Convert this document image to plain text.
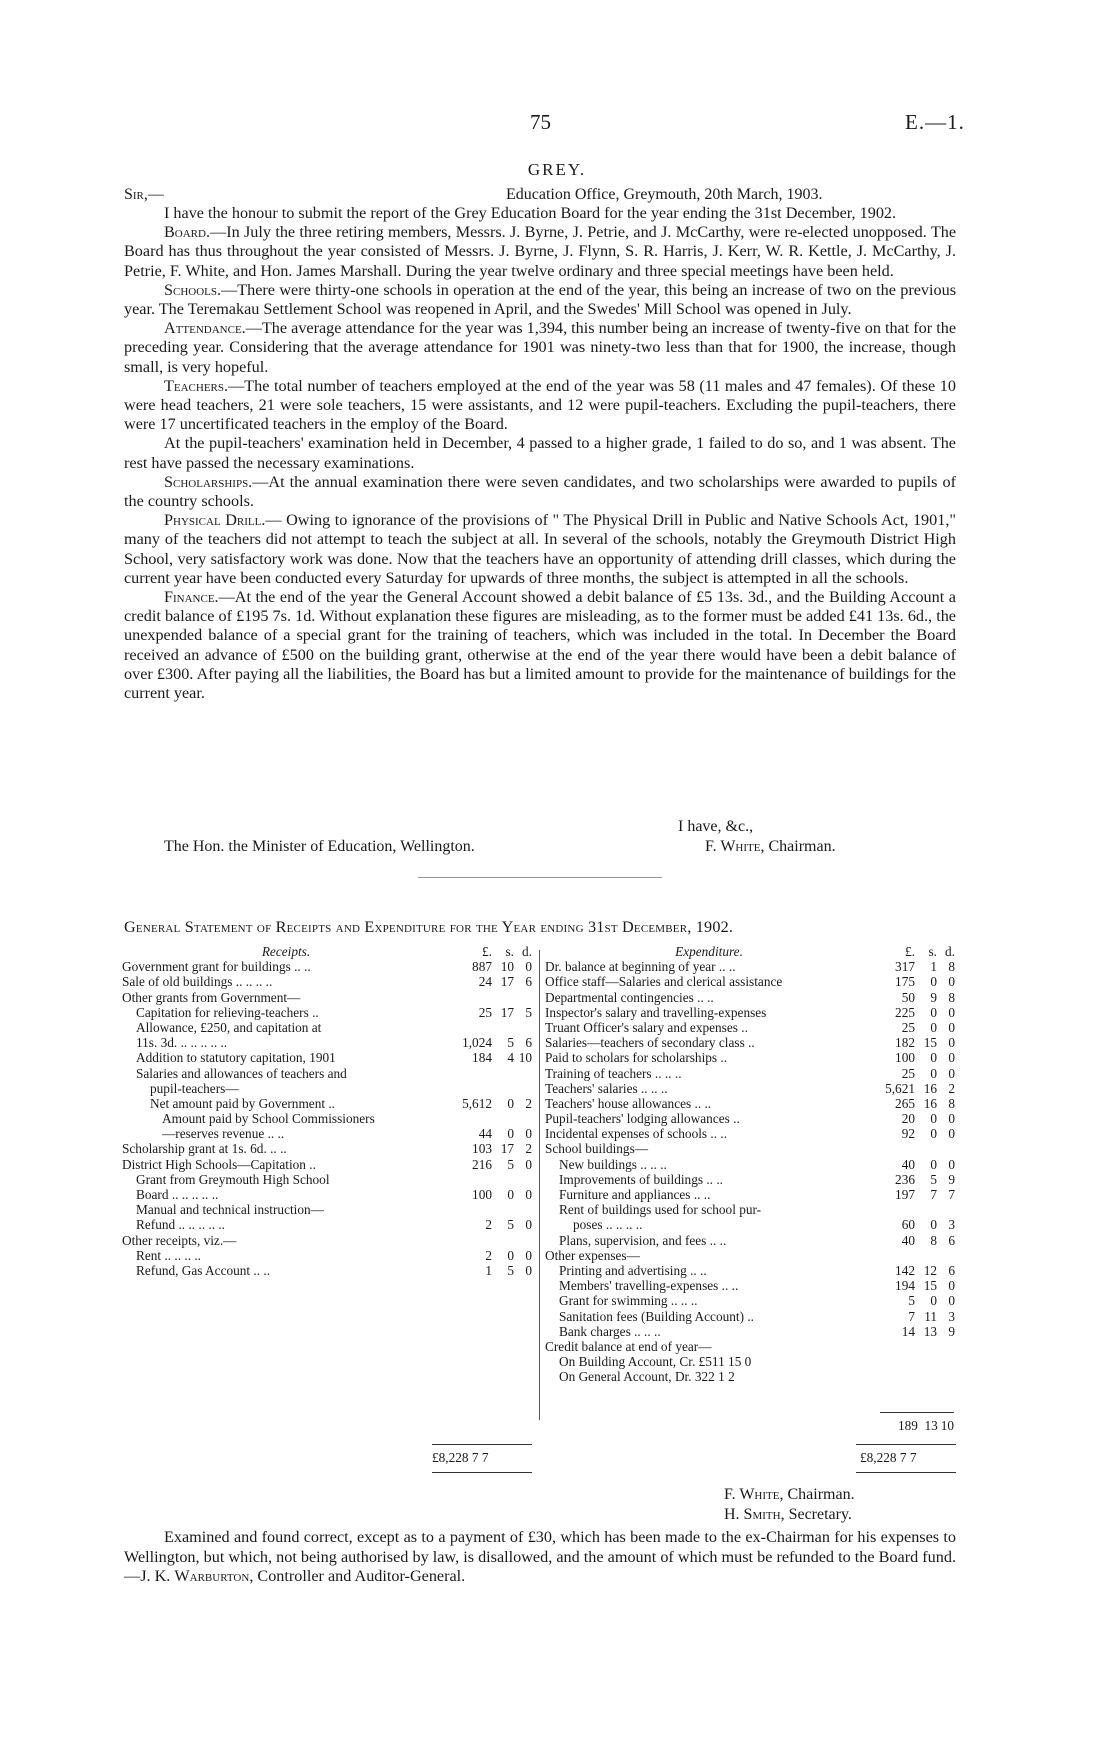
75	E.—1.
GREY.
Sir,—	Education Office, Greymouth, 20th March, 1903.

I have the honour to submit the report of the Grey Education Board for the year ending the 31st December, 1902.

Board.—In July the three retiring members, Messrs. J. Byrne, J. Petrie, and J. McCarthy, were re-elected unopposed. The Board has thus throughout the year consisted of Messrs. J. Byrne, J. Flynn, S. R. Harris, J. Kerr, W. R. Kettle, J. McCarthy, J. Petrie, F. White, and Hon. James Marshall. During the year twelve ordinary and three special meetings have been held.

Schools.—There were thirty-one schools in operation at the end of the year, this being an increase of two on the previous year. The Teremakau Settlement School was reopened in April, and the Swedes' Mill School was opened in July.

Attendance.—The average attendance for the year was 1,394, this number being an increase of twenty-five on that for the preceding year. Considering that the average attendance for 1901 was ninety-two less than that for 1900, the increase, though small, is very hopeful.

Teachers.—The total number of teachers employed at the end of the year was 58 (11 males and 47 females). Of these 10 were head teachers, 21 were sole teachers, 15 were assistants, and 12 were pupil-teachers. Excluding the pupil-teachers, there were 17 uncertificated teachers in the employ of the Board.

At the pupil-teachers' examination held in December, 4 passed to a higher grade, 1 failed to do so, and 1 was absent. The rest have passed the necessary examinations.

Scholarships.—At the annual examination there were seven candidates, and two scholarships were awarded to pupils of the country schools.

Physical Drill.— Owing to ignorance of the provisions of " The Physical Drill in Public and Native Schools Act, 1901," many of the teachers did not attempt to teach the subject at all. In several of the schools, notably the Greymouth District High School, very satisfactory work was done. Now that the teachers have an opportunity of attending drill classes, which during the current year have been conducted every Saturday for upwards of three months, the subject is attempted in all the schools.

Finance.—At the end of the year the General Account showed a debit balance of £5 13s. 3d., and the Building Account a credit balance of £195 7s. 1d. Without explanation these figures are misleading, as to the former must be added £41 13s. 6d., the unexpended balance of a special grant for the training of teachers, which was included in the total. In December the Board received an advance of £500 on the building grant, otherwise at the end of the year there would have been a debit balance of over £300. After paying all the liabilities, the Board has but a limited amount to provide for the maintenance of buildings for the current year.

I have, &c.,
The Hon. the Minister of Education, Wellington.	F. White, Chairman.
General Statement of Receipts and Expenditure for the Year ending 31st December, 1902.
Receipts.	£.	s. d.
Government grant for buildings .. ..	887 10 0
Sale of old buildings .. .. .. ..	24 17 6
Other grants from Government—
Capitation for relieving-teachers ..	25 17 5
Allowance, £250, and capitation at
11s. 3d. .. .. .. .. ..	1,024	5 6
Addition to statutory capitation, 1901	184	4 10
Salaries and allowances of teachers and
pupil-teachers—
Net amount paid by Government ..	5,612	0 2
Amount paid by School Commissioners
—reserves revenue .. ..	44	0 0
Scholarship grant at 1s. 6d. .. ..	103 17 2
District High Schools—Capitation ..	216	5 0
Grant from Greymouth High School
Board .. .. .. .. ..	100	0 0
Manual and technical instruction—
Refund .. .. .. .. ..	2	5 0
Other receipts, viz.—
Rent .. .. .. ..	2	0 0
Refund, Gas Account .. ..	1	5 0
Expenditure.	£.	s. d.
Dr. balance at beginning of year .. ..	317	1 8
Office staff—Salaries and clerical assistance	175	0 0
Departmental contingencies .. ..	50	9 8
Inspector's salary and travelling-expenses	225	0 0
Truant Officer's salary and expenses ..	25	0 0
Salaries—teachers of secondary class ..	182 15 0
Paid to scholars for scholarships ..	100	0 0
Training of teachers .. .. ..	25	0 0
Teachers' salaries .. .. ..	5,621 16 2
Teachers' house allowances .. ..	265 16 8
Pupil-teachers' lodging allowances ..	20	0 0
Incidental expenses of schools .. ..	92	0 0
School buildings—
New buildings .. .. ..	40	0 0
Improvements of buildings .. ..	236	5 9
Furniture and appliances .. ..	197	7 7
Rent of buildings used for school pur-
poses .. .. .. ..	60	0 3
Plans, supervision, and fees .. ..	40	8 6
Other expenses—
Printing and advertising .. ..	142 12 6
Members' travelling-expenses .. ..	194 15 0
Grant for swimming .. .. ..	5	0 0
Sanitation fees (Building Account) ..	7 11 3
Bank charges .. .. ..	14 13 9
Credit balance at end of year—
On Building Account, Cr. £511 15 0
On General Account, Dr. 322 1 2
189 13 10
£8,228 7 7	£8,228 7 7
F. White, Chairman.
H. Smith, Secretary.

Examined and found correct, except as to a payment of £30, which has been made to the ex-Chairman for his expenses to Wellington, but which, not being authorised by law, is disallowed, and the amount of which must be refunded to the Board fund.—J. K. Warburton, Controller and Auditor-General.
